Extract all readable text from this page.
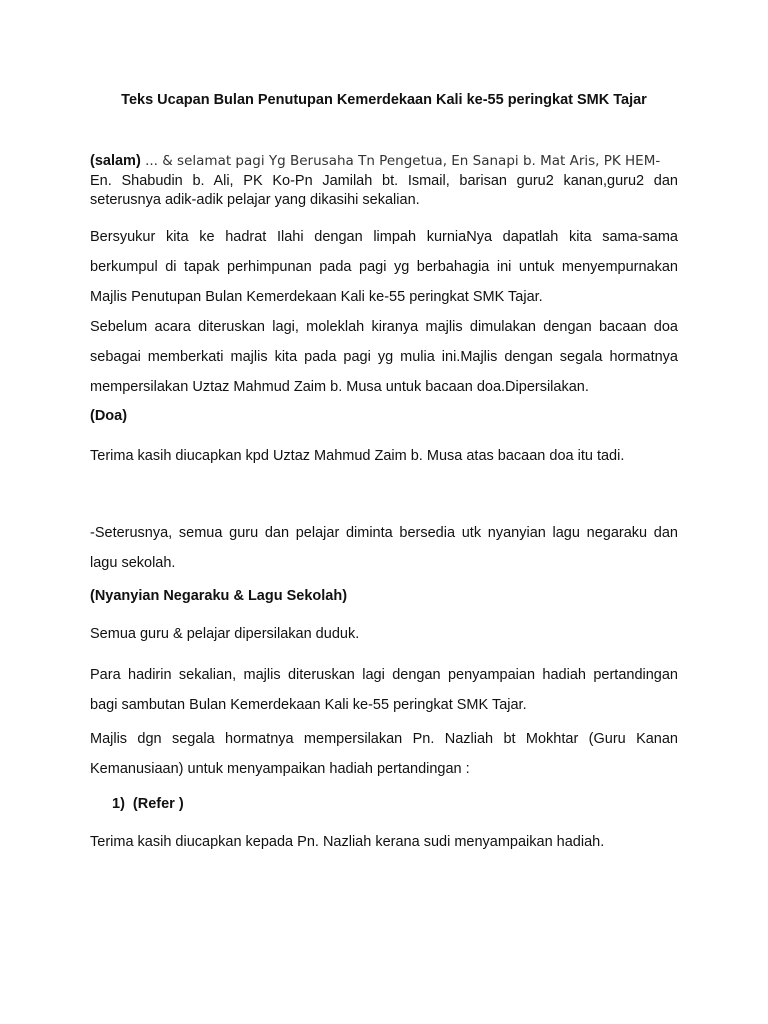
Teks Ucapan Bulan Penutupan Kemerdekaan Kali ke-55 peringkat SMK Tajar

(salam) ... & selamat pagi Yg Berusaha Tn Pengetua, En Sanapi b. Mat Aris, PK HEM-
En. Shabudin b. Ali, PK Ko-Pn Jamilah bt. Ismail, barisan guru2 kanan,guru2 dan seterusnya adik-adik pelajar yang dikasihi sekalian.

Bersyukur kita ke hadrat Ilahi dengan limpah kurniaNya dapatlah kita sama-sama berkumpul di tapak perhimpunan pada pagi yg berbahagia ini untuk menyempurnakan Majlis Penutupan Bulan Kemerdekaan Kali ke-55 peringkat SMK Tajar.

Sebelum acara diteruskan lagi, moleklah kiranya majlis dimulakan dengan bacaan doa sebagai memberkati majlis kita pada pagi yg mulia ini.Majlis dengan segala hormatnya mempersilakan Uztaz Mahmud Zaim b. Musa untuk bacaan doa.Dipersilakan.

(Doa)

Terima kasih diucapkan kpd Uztaz Mahmud Zaim b. Musa atas bacaan doa itu tadi.

-Seterusnya, semua guru dan pelajar diminta bersedia utk nyanyian lagu negaraku dan lagu sekolah.

(Nyanyian Negaraku & Lagu Sekolah)

Semua guru & pelajar dipersilakan duduk.

Para hadirin sekalian, majlis diteruskan lagi dengan penyampaian hadiah pertandingan bagi sambutan Bulan Kemerdekaan Kali ke-55 peringkat SMK Tajar.

Majlis dgn segala hormatnya mempersilakan Pn. Nazliah bt Mokhtar (Guru Kanan Kemanusiaan) untuk menyampaikan hadiah pertandingan :

1) (Refer )

Terima kasih diucapkan kepada Pn. Nazliah kerana sudi menyampaikan hadiah.
